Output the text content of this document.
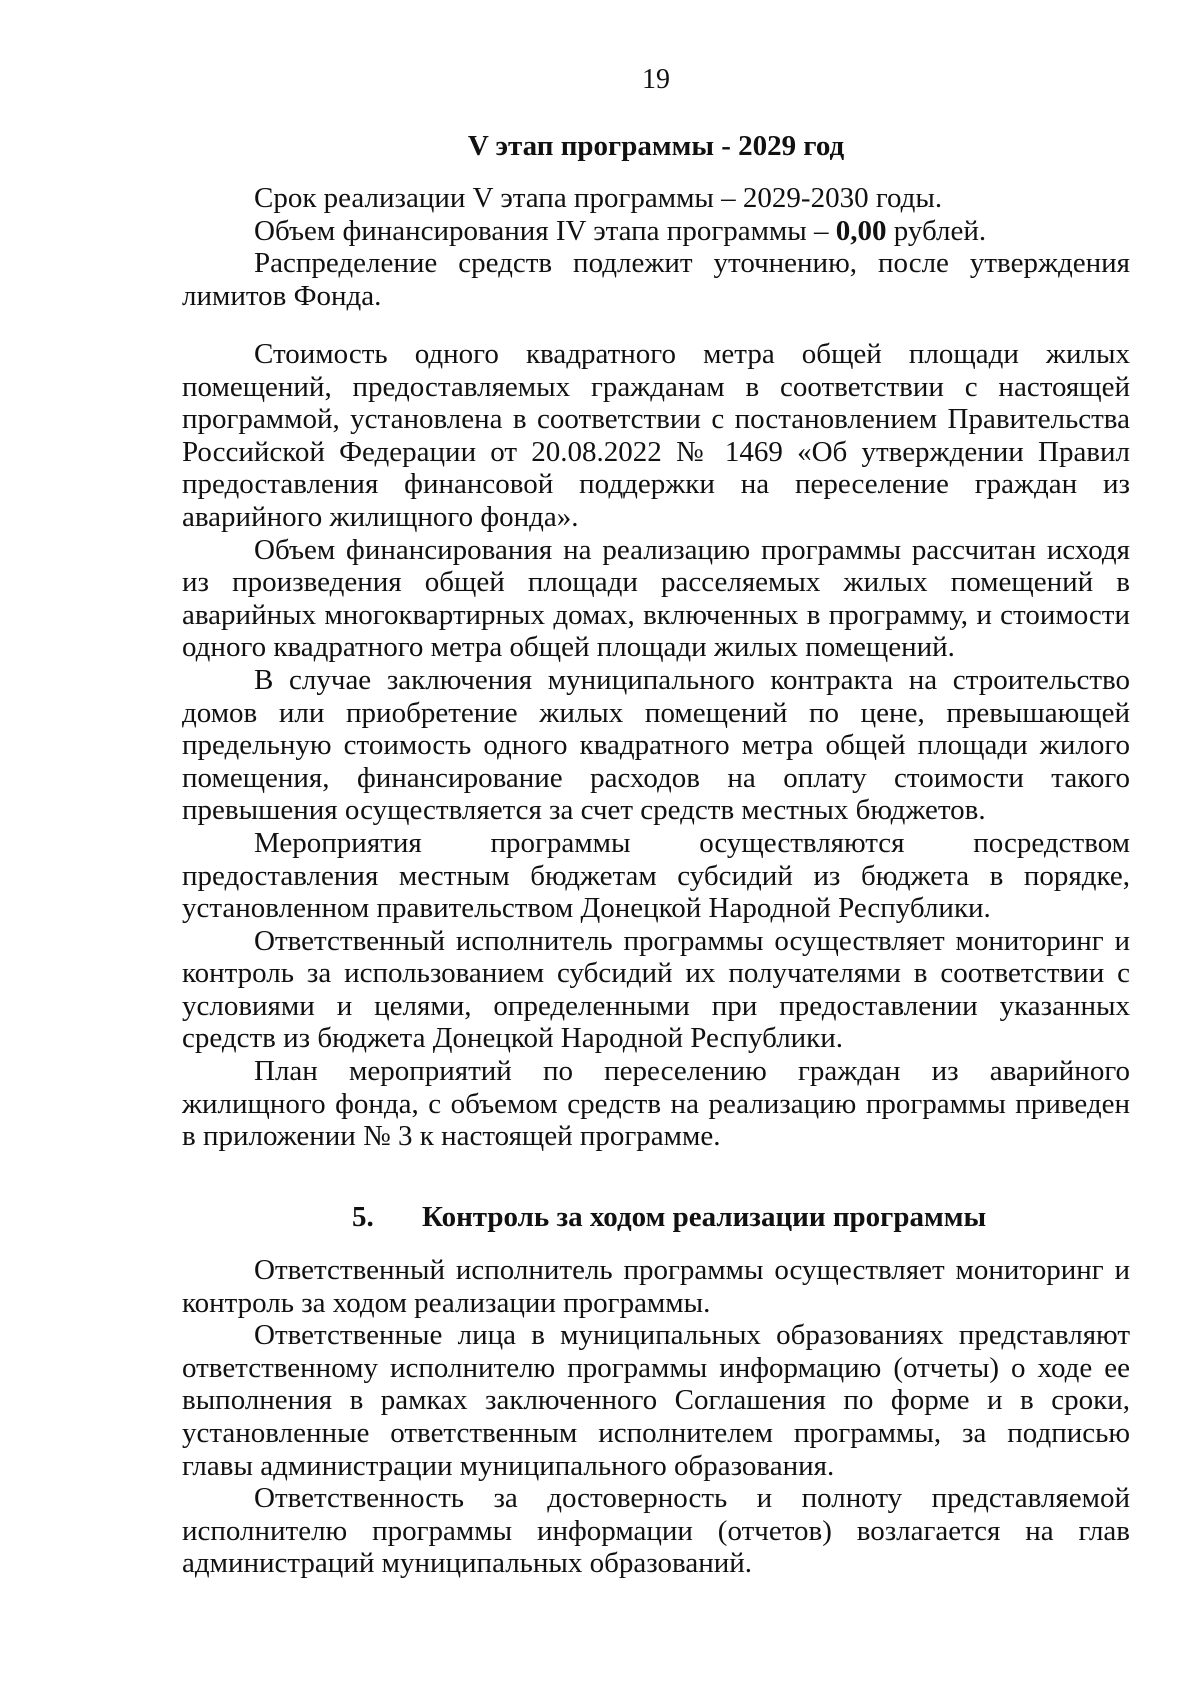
19
V этап программы - 2029 год

Срок реализации V этапа программы – 2029-2030 годы.

Объем финансирования IV этапа программы – 0,00 рублей.

Распределение средств подлежит уточнению, после утверждения лимитов Фонда.

Стоимость одного квадратного метра общей площади жилых помещений, предоставляемых гражданам в соответствии с настоящей программой, установлена в соответствии с постановлением Правительства Российской Федерации от 20.08.2022 № 1469 «Об утверждении Правил предоставления финансовой поддержки на переселение граждан из аварийного жилищного фонда».

Объем финансирования на реализацию программы рассчитан исходя из произведения общей площади расселяемых жилых помещений в аварийных многоквартирных домах, включенных в программу, и стоимости одного квадратного метра общей площади жилых помещений.

В случае заключения муниципального контракта на строительство домов или приобретение жилых помещений по цене, превышающей предельную стоимость одного квадратного метра общей площади жилого помещения, финансирование расходов на оплату стоимости такого превышения осуществляется за счет средств местных бюджетов.

Мероприятия программы осуществляются посредством предоставления местным бюджетам субсидий из бюджета в порядке, установленном правительством Донецкой Народной Республики.

Ответственный исполнитель программы осуществляет мониторинг и контроль за использованием субсидий их получателями в соответствии с условиями и целями, определенными при предоставлении указанных средств из бюджета Донецкой Народной Республики.

План мероприятий по переселению граждан из аварийного жилищного фонда, с объемом средств на реализацию программы приведен в приложении № 3 к настоящей программе.

5. Контроль за ходом реализации программы

Ответственный исполнитель программы осуществляет мониторинг и контроль за ходом реализации программы.

Ответственные лица в муниципальных образованиях представляют ответственному исполнителю программы информацию (отчеты) о ходе ее выполнения в рамках заключенного Соглашения по форме и в сроки, установленные ответственным исполнителем программы, за подписью главы администрации муниципального образования.

Ответственность за достоверность и полноту представляемой исполнителю программы информации (отчетов) возлагается на глав администраций муниципальных образований.
